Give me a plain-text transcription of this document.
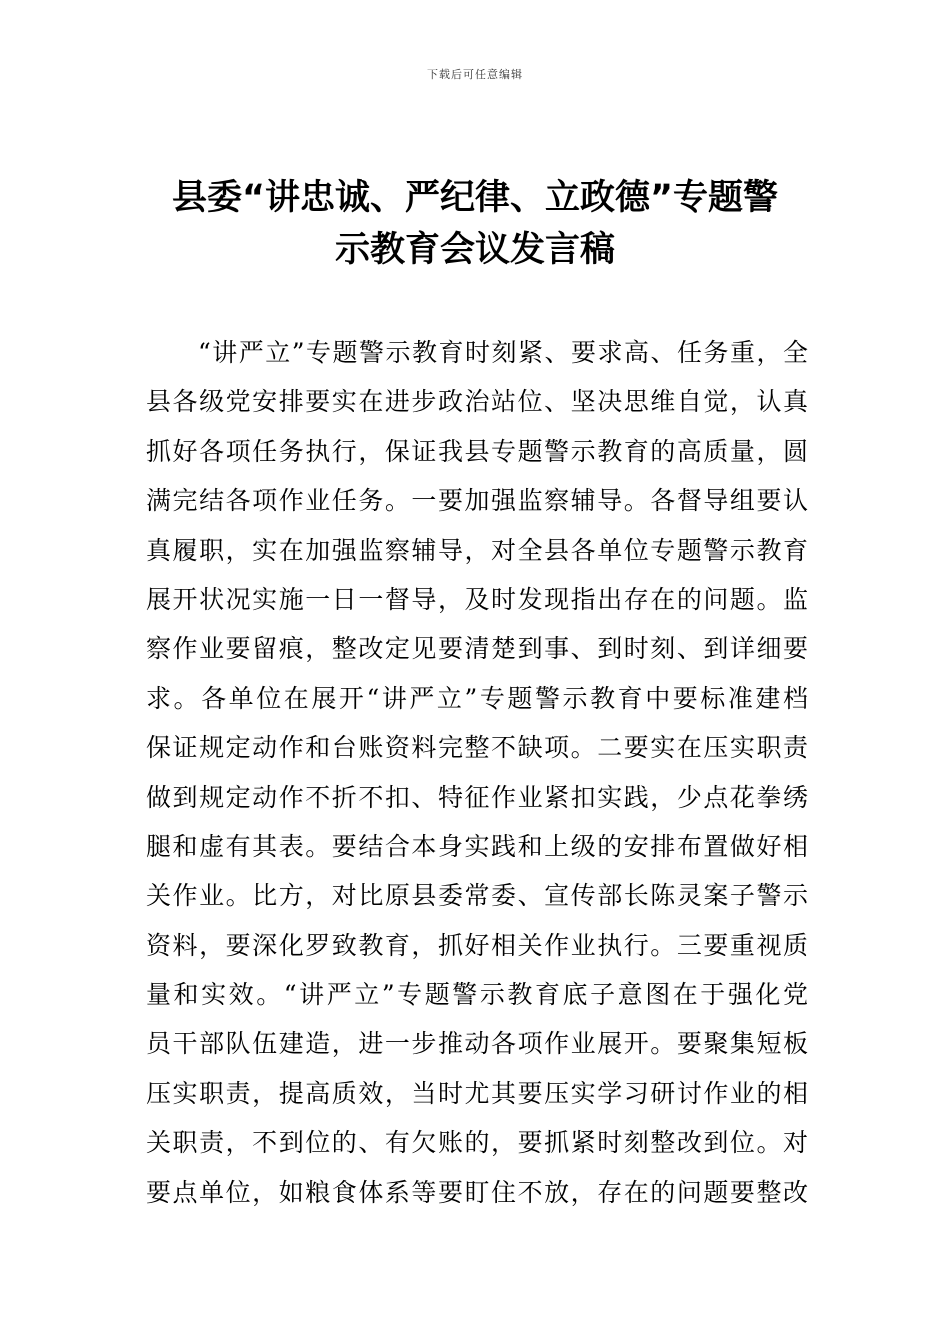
下载后可任意编辑
县委“讲忠诚、严纪律、立政德”专题警
示教育会议发言稿
“讲严立”专题警示教育时刻紧、要求高、任务重，全
县各级党安排要实在进步政治站位、坚决思维自觉，认真
抓好各项任务执行，保证我县专题警示教育的高质量，圆
满完结各项作业任务。一要加强监察辅导。各督导组要认
真履职，实在加强监察辅导，对全县各单位专题警示教育
展开状况实施一日一督导，及时发现指出存在的问题。监
察作业要留痕，整改定见要清楚到事、到时刻、到详细要
求。各单位在展开“讲严立”专题警示教育中要标准建档
保证规定动作和台账资料完整不缺项。二要实在压实职责
做到规定动作不折不扣、特征作业紧扣实践，少点花拳绣
腿和虚有其表。要结合本身实践和上级的安排布置做好相
关作业。比方，对比原县委常委、宣传部长陈灵案子警示
资料，要深化罗致教育，抓好相关作业执行。三要重视质
量和实效。“讲严立”专题警示教育底子意图在于强化党
员干部队伍建造，进一步推动各项作业展开。要聚集短板
压实职责，提高质效，当时尤其要压实学习研讨作业的相
关职责，不到位的、有欠账的，要抓紧时刻整改到位。对
要点单位，如粮食体系等要盯住不放，存在的问题要整改
